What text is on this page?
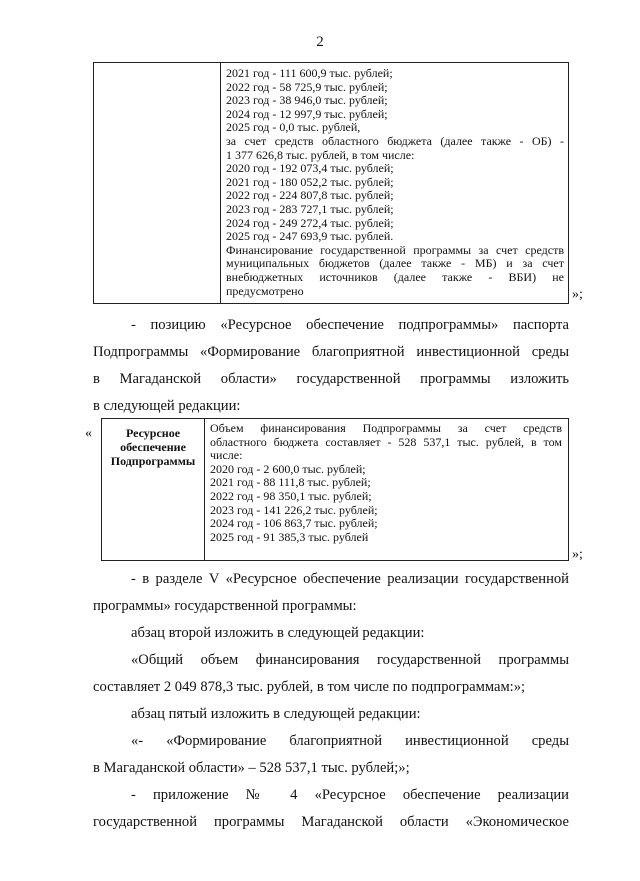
2
2021 год - 111 600,9 тыс. рублей;
2022 год - 58 725,9 тыс. рублей;
2023 год - 38 946,0 тыс. рублей;
2024 год - 12 997,9 тыс. рублей;
2025 год - 0,0 тыс. рублей,
за счет средств областного бюджета (далее также - ОБ) -
1 377 626,8 тыс. рублей, в том числе:
2020 год - 192 073,4 тыс. рублей;
2021 год - 180 052,2 тыс. рублей;
2022 год - 224 807,8 тыс. рублей;
2023 год - 283 727,1 тыс. рублей;
2024 год - 249 272,4 тыс. рублей;
2025 год - 247 693,9 тыс. рублей.
Финансирование государственной программы за счет средств
муниципальных бюджетов (далее также - МБ) и за счет
внебюджетных источников (далее также - ВБИ) не
предусмотрено	»;
- позицию «Ресурсное обеспечение подпрограммы» паспорта
Подпрограммы «Формирование благоприятной инвестиционной среды
в Магаданской области» государственной программы изложить
в следующей редакции:
«	Ресурсное
обеспечение
Подпрограммы
Объем финансирования Подпрограммы за счет средств
областного бюджета составляет - 528 537,1 тыс. рублей, в том
числе:
2020 год - 2 600,0 тыс. рублей;
2021 год - 88 111,8 тыс. рублей;
2022 год - 98 350,1 тыс. рублей;
2023 год - 141 226,2 тыс. рублей;
2024 год - 106 863,7 тыс. рублей;
2025 год - 91 385,3 тыс. рублей
»;
- в разделе V «Ресурсное обеспечение реализации государственной
программы» государственной программы:
абзац второй изложить в следующей редакции:
«Общий объем финансирования государственной программы
составляет 2 049 878,3 тыс. рублей, в том числе по подпрограммам:»;
абзац пятый изложить в следующей редакции:
«- «Формирование благоприятной инвестиционной среды
в Магаданской области» – 528 537,1 тыс. рублей;»;
- приложение № 4 «Ресурсное обеспечение реализации
государственной программы Магаданской области «Экономическое
